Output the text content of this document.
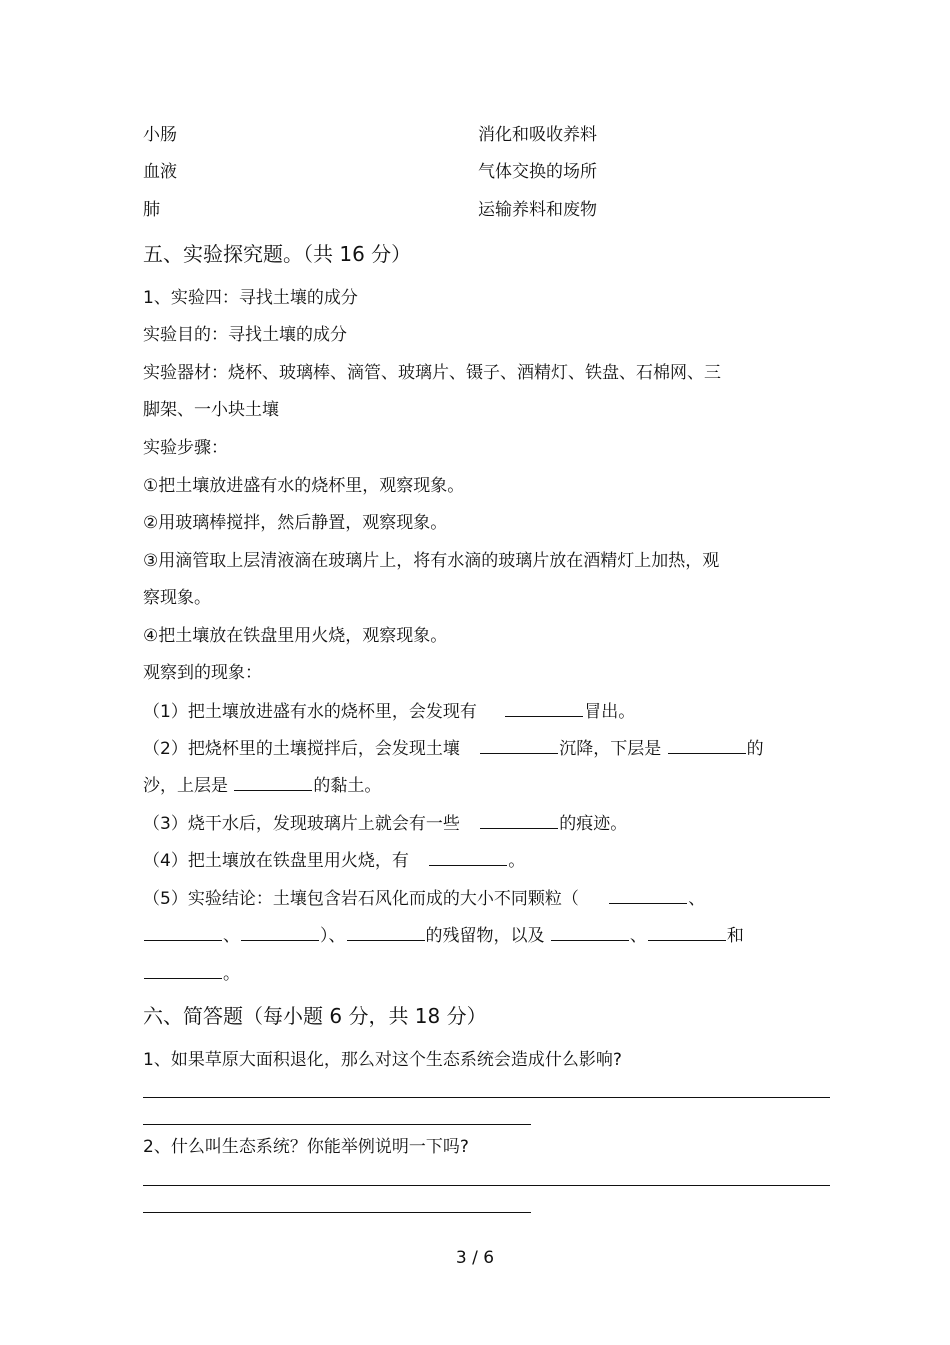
小肠	消化和吸收养料
血液	气体交换的场所
肺	运输养料和废物
五、实验探究题。（共 16 分）
1、实验四：寻找土壤的成分
实验目的：寻找土壤的成分
实验器材：烧杯、玻璃棒、滴管、玻璃片、镊子、酒精灯、铁盘、石棉网、三
脚架、一小块土壤
实验步骤：
①把土壤放进盛有水的烧杯里，观察现象。
②用玻璃棒搅拌，然后静置，观察现象。
③用滴管取上层清液滴在玻璃片上，将有水滴的玻璃片放在酒精灯上加热，观
察现象。
④把土壤放在铁盘里用火烧，观察现象。
观察到的现象：
（1）把土壤放进盛有水的烧杯里，会发现有	冒出。
（2）把烧杯里的土壤搅拌后，会发现土壤	沉降，下层是	的
沙，上层是	的黏土。
（3）烧干水后，发现玻璃片上就会有一些	的痕迹。
（4）把土壤放在铁盘里用火烧，有	。
（5）实验结论：土壤包含岩石风化而成的大小不同颗粒（	、
、	）、	的残留物，以及	、	和
。
六、简答题（每小题 6 分，共 18 分）
1、如果草原大面积退化，那么对这个生态系统会造成什么影响?
2、什么叫生态系统？你能举例说明一下吗?
3 / 6
